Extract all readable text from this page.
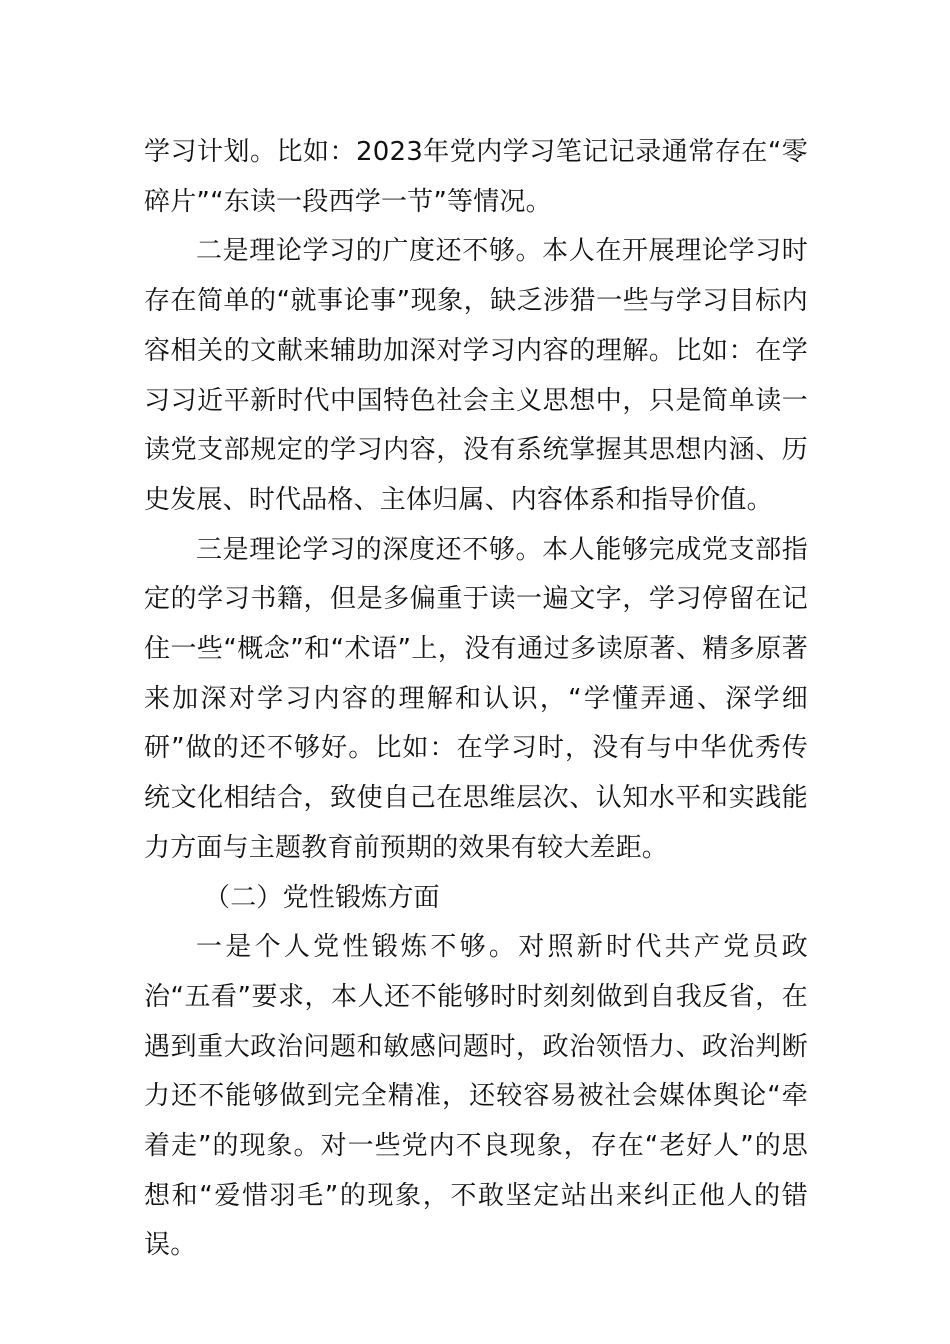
学习计划。比如：2023年党内学习笔记记录通常存在“零碎片”“东读一段西学一节”等情况。

二是理论学习的广度还不够。本人在开展理论学习时存在简单的“就事论事”现象，缺乏涉猎一些与学习目标内容相关的文献来辅助加深对学习内容的理解。比如：在学习习近平新时代中国特色社会主义思想中，只是简单读一读党支部规定的学习内容，没有系统掌握其思想内涵、历史发展、时代品格、主体归属、内容体系和指导价值。

三是理论学习的深度还不够。本人能够完成党支部指定的学习书籍，但是多偏重于读一遍文字，学习停留在记住一些“概念”和“术语”上，没有通过多读原著、精多原著来加深对学习内容的理解和认识，“学懂弄通、深学细研”做的还不够好。比如：在学习时，没有与中华优秀传统文化相结合，致使自己在思维层次、认知水平和实践能力方面与主题教育前预期的效果有较大差距。

（二）党性锻炼方面

一是个人党性锻炼不够。对照新时代共产党员政治“五看”要求，本人还不能够时时刻刻做到自我反省，在遇到重大政治问题和敏感问题时，政治领悟力、政治判断力还不能够做到完全精准，还较容易被社会媒体舆论“牵着走”的现象。对一些党内不良现象，存在“老好人”的思想和“爱惜羽毛”的现象，不敢坚定站出来纠正他人的错误。
